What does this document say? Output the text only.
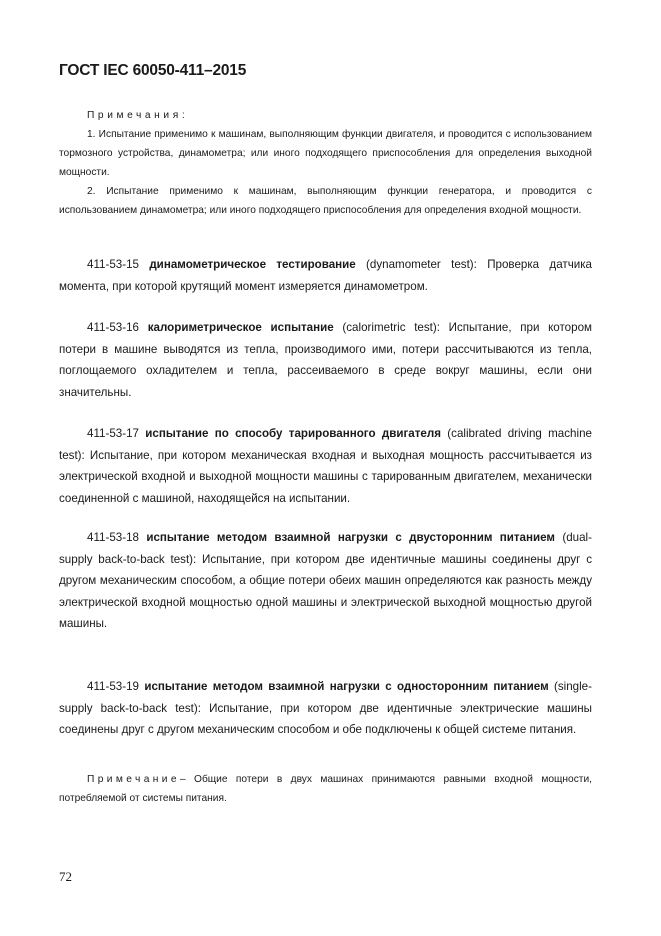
ГОСТ IEC 60050-411–2015
Примечания:

1. Испытание применимо к машинам, выполняющим функции двигателя, и проводится с использованием тормозного устройства, динамометра; или иного подходящего приспособления для определения выходной мощности.

2. Испытание применимо к машинам, выполняющим функции генератора, и проводится с использованием динамометра; или иного подходящего приспособления для определения входной мощности.

411-53-15 динамометрическое тестирование (dynamometer test): Проверка датчика момента, при которой крутящий момент измеряется динамометром.

411-53-16 калориметрическое испытание (calorimetric test): Испытание, при котором потери в машине выводятся из тепла, производимого ими, потери рассчитываются из тепла, поглощаемого охладителем и тепла, рассеиваемого в среде вокруг машины, если они значительны.

411-53-17 испытание по способу тарированного двигателя (calibrated driving machine test): Испытание, при котором механическая входная и выходная мощность рассчитывается из электрической входной и выходной мощности машины с тарированным двигателем, механически соединенной с машиной, находящейся на испытании.

411-53-18 испытание методом взаимной нагрузки с двусторонним питанием (dual-supply back-to-back test): Испытание, при котором две идентичные машины соединены друг с другом механическим способом, а общие потери обеих машин определяются как разность между электрической входной мощностью одной машины и электрической выходной мощностью другой машины.

411-53-19 испытание методом взаимной нагрузки с односторонним питанием (single-supply back-to-back test): Испытание, при котором две идентичные электрические машины соединены друг с другом механическим способом и обе подключены к общей системе питания.

Примечание– Общие потери в двух машинах принимаются равными входной мощности, потребляемой от системы питания.

72
